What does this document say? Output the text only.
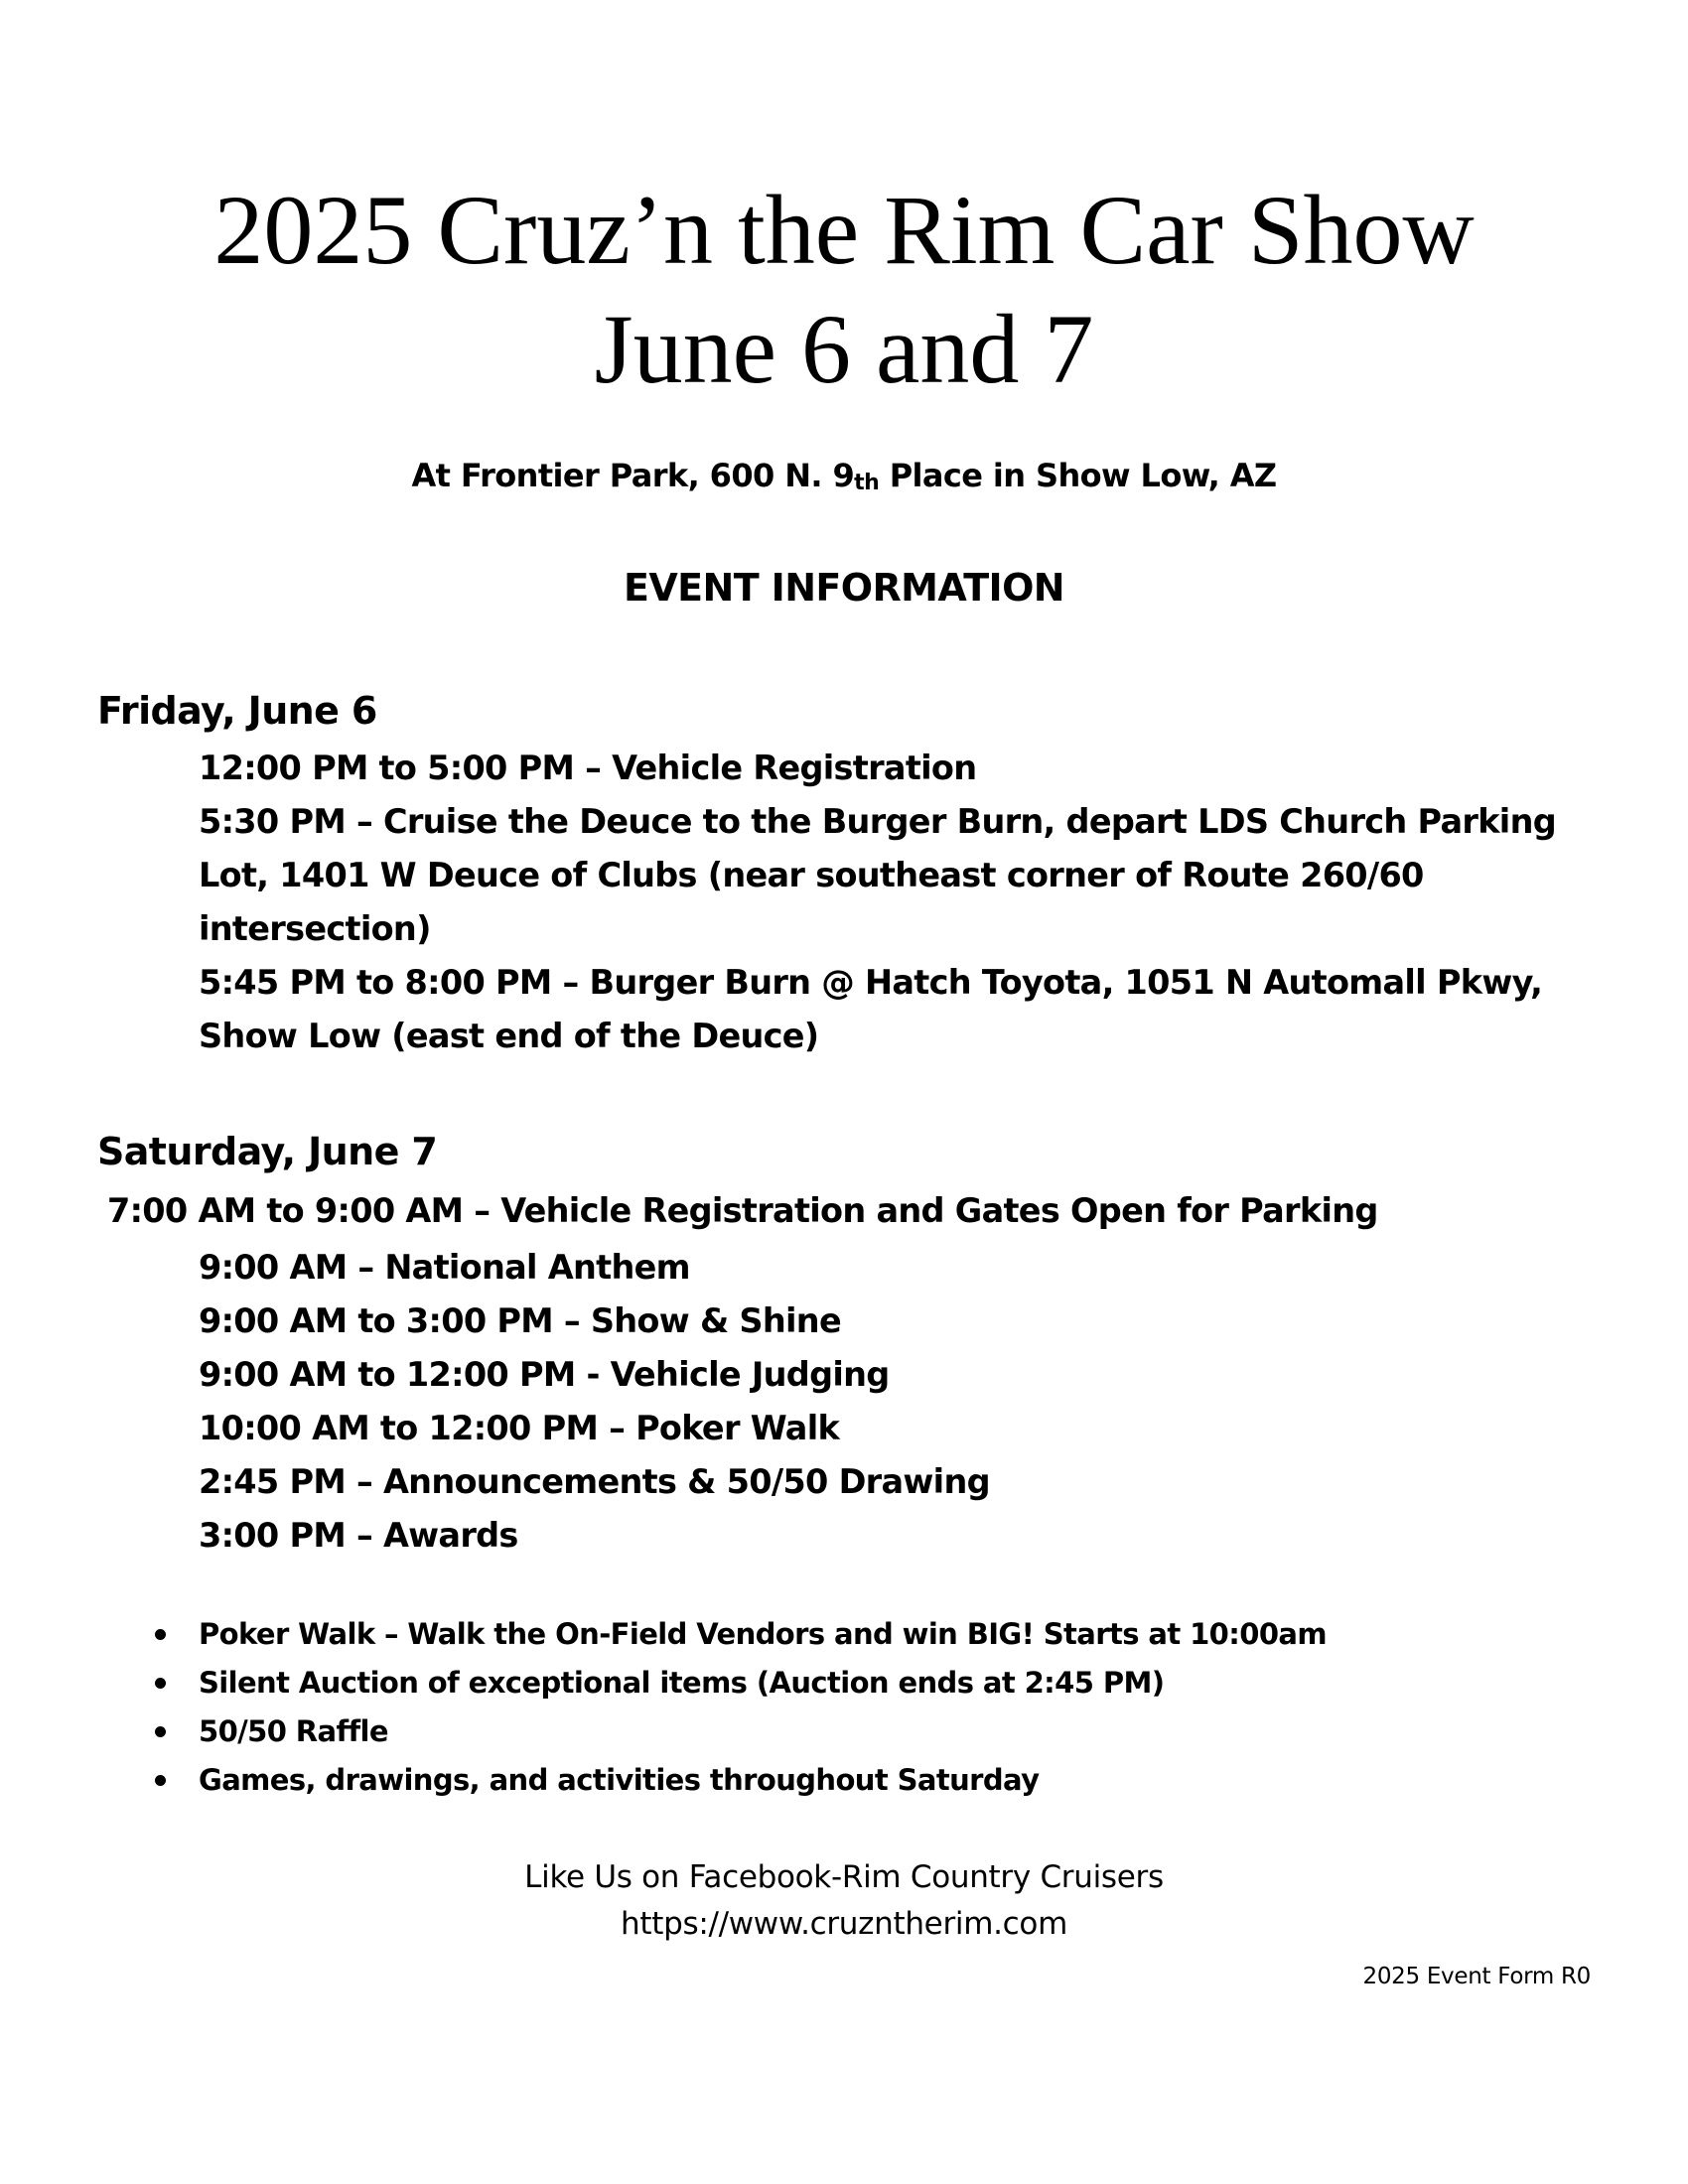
2025 Cruz’n the Rim Car Show
June 6 and 7
At Frontier Park, 600 N. 9th Place in Show Low, AZ
EVENT INFORMATION
Friday, June 6
12:00 PM to 5:00 PM – Vehicle Registration
5:30 PM – Cruise the Deuce to the Burger Burn, depart LDS Church Parking Lot, 1401 W Deuce of Clubs (near southeast corner of Route 260/60 intersection)
5:45 PM to 8:00 PM – Burger Burn @ Hatch Toyota, 1051 N Automall Pkwy, Show Low (east end of the Deuce)
Saturday, June 7
7:00 AM to 9:00 AM – Vehicle Registration and Gates Open for Parking
9:00 AM – National Anthem
9:00 AM to 3:00 PM – Show & Shine
9:00 AM to 12:00 PM - Vehicle Judging
10:00 AM to 12:00 PM – Poker Walk
2:45 PM – Announcements & 50/50 Drawing
3:00 PM – Awards
Poker Walk – Walk the On-Field Vendors and win BIG! Starts at 10:00am
Silent Auction of exceptional items (Auction ends at 2:45 PM)
50/50 Raffle
Games, drawings, and activities throughout Saturday
Like Us on Facebook-Rim Country Cruisers
https://www.cruzntherim.com
2025 Event Form R0
